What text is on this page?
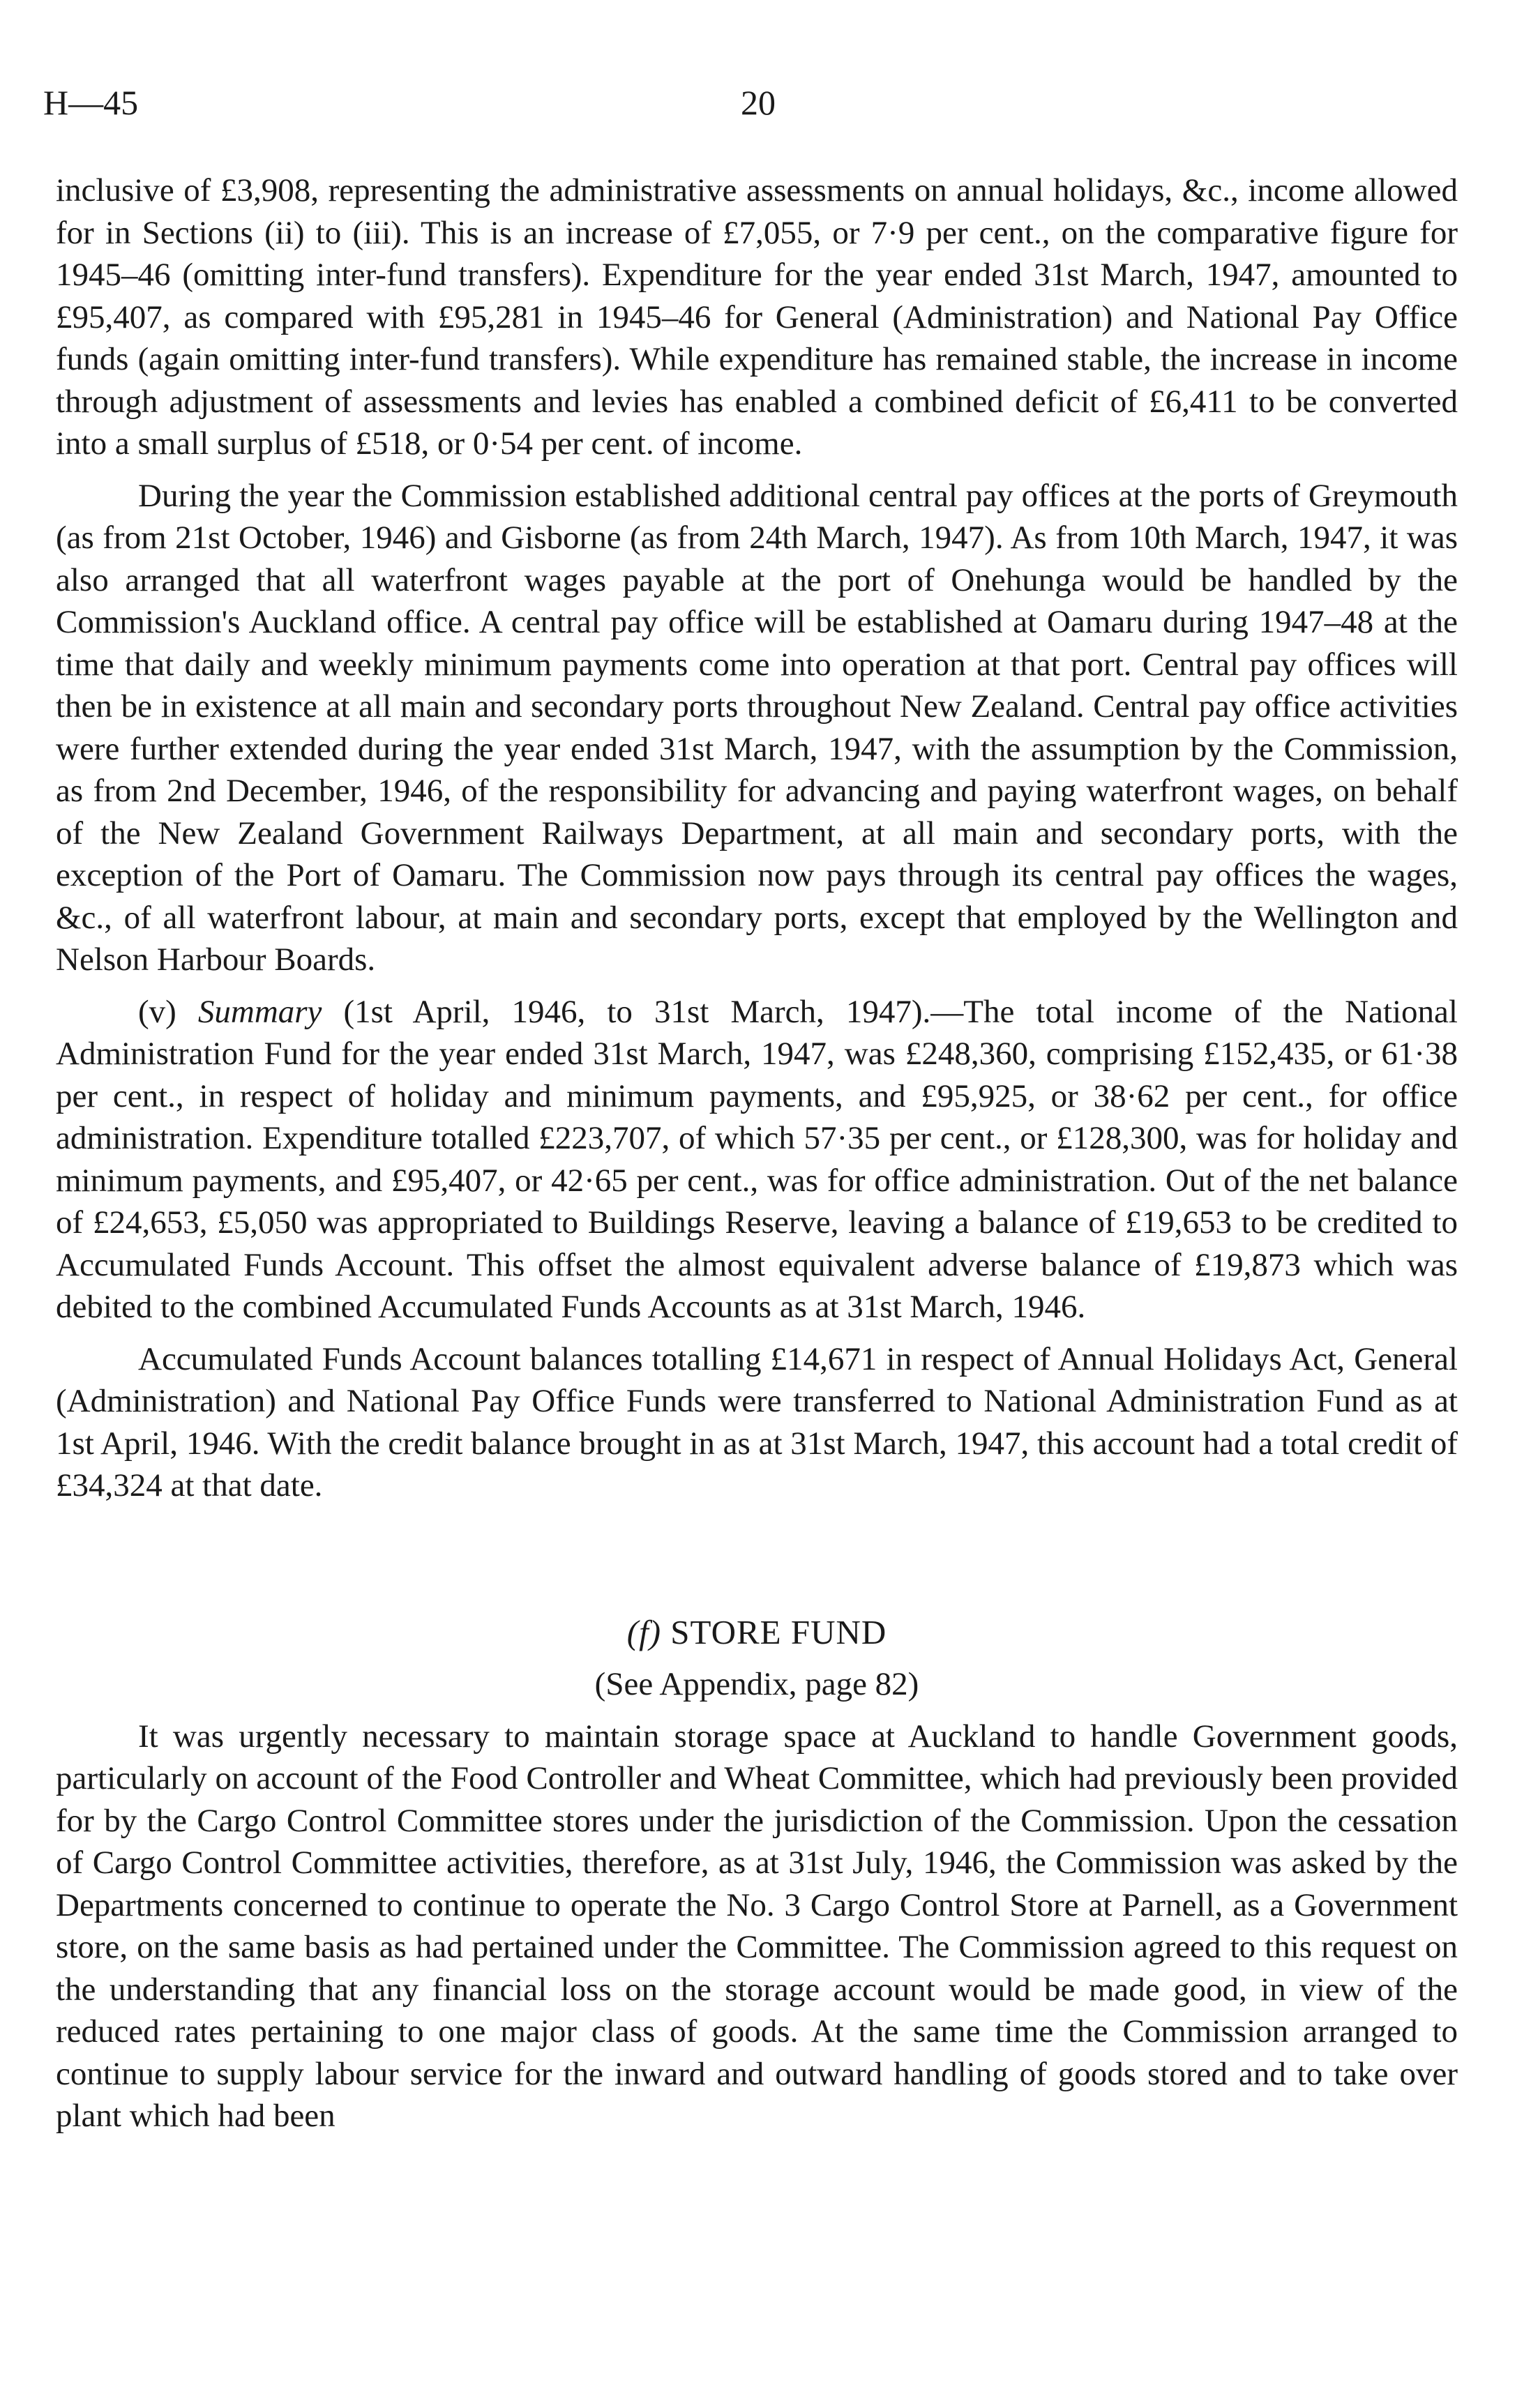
H—45	20

inclusive of £3,908, representing the administrative assessments on annual holidays, &c., income allowed for in Sections (ii) to (iii). This is an increase of £7,055, or 7·9 per cent., on the comparative figure for 1945–46 (omitting inter-fund transfers). Expenditure for the year ended 31st March, 1947, amounted to £95,407, as compared with £95,281 in 1945–46 for General (Administration) and National Pay Office funds (again omitting inter-fund transfers). While expenditure has remained stable, the increase in income through adjustment of assessments and levies has enabled a combined deficit of £6,411 to be converted into a small surplus of £518, or 0·54 per cent. of income.

During the year the Commission established additional central pay offices at the ports of Greymouth (as from 21st October, 1946) and Gisborne (as from 24th March, 1947). As from 10th March, 1947, it was also arranged that all waterfront wages payable at the port of Onehunga would be handled by the Commission's Auckland office. A central pay office will be established at Oamaru during 1947–48 at the time that daily and weekly minimum payments come into operation at that port. Central pay offices will then be in existence at all main and secondary ports throughout New Zealand. Central pay office activities were further extended during the year ended 31st March, 1947, with the assumption by the Commission, as from 2nd December, 1946, of the responsibility for advancing and paying waterfront wages, on behalf of the New Zealand Government Railways Department, at all main and secondary ports, with the exception of the Port of Oamaru. The Commission now pays through its central pay offices the wages, &c., of all waterfront labour, at main and secondary ports, except that employed by the Wellington and Nelson Harbour Boards.

(v) Summary (1st April, 1946, to 31st March, 1947).—The total income of the National Administration Fund for the year ended 31st March, 1947, was £248,360, comprising £152,435, or 61·38 per cent., in respect of holiday and minimum payments, and £95,925, or 38·62 per cent., for office administration. Expenditure totalled £223,707, of which 57·35 per cent., or £128,300, was for holiday and minimum payments, and £95,407, or 42·65 per cent., was for office administration. Out of the net balance of £24,653, £5,050 was appropriated to Buildings Reserve, leaving a balance of £19,653 to be credited to Accumulated Funds Account. This offset the almost equivalent adverse balance of £19,873 which was debited to the combined Accumulated Funds Accounts as at 31st March, 1946.

Accumulated Funds Account balances totalling £14,671 in respect of Annual Holidays Act, General (Administration) and National Pay Office Funds were transferred to National Administration Fund as at 1st April, 1946. With the credit balance brought in as at 31st March, 1947, this account had a total credit of £34,324 at that date.

(f) STORE FUND

(See Appendix, page 82)

It was urgently necessary to maintain storage space at Auckland to handle Government goods, particularly on account of the Food Controller and Wheat Committee, which had previously been provided for by the Cargo Control Committee stores under the jurisdiction of the Commission. Upon the cessation of Cargo Control Committee activities, therefore, as at 31st July, 1946, the Commission was asked by the Departments concerned to continue to operate the No. 3 Cargo Control Store at Parnell, as a Government store, on the same basis as had pertained under the Committee. The Commission agreed to this request on the understanding that any financial loss on the storage account would be made good, in view of the reduced rates pertaining to one major class of goods. At the same time the Commission arranged to continue to supply labour service for the inward and outward handling of goods stored and to take over plant which had been
